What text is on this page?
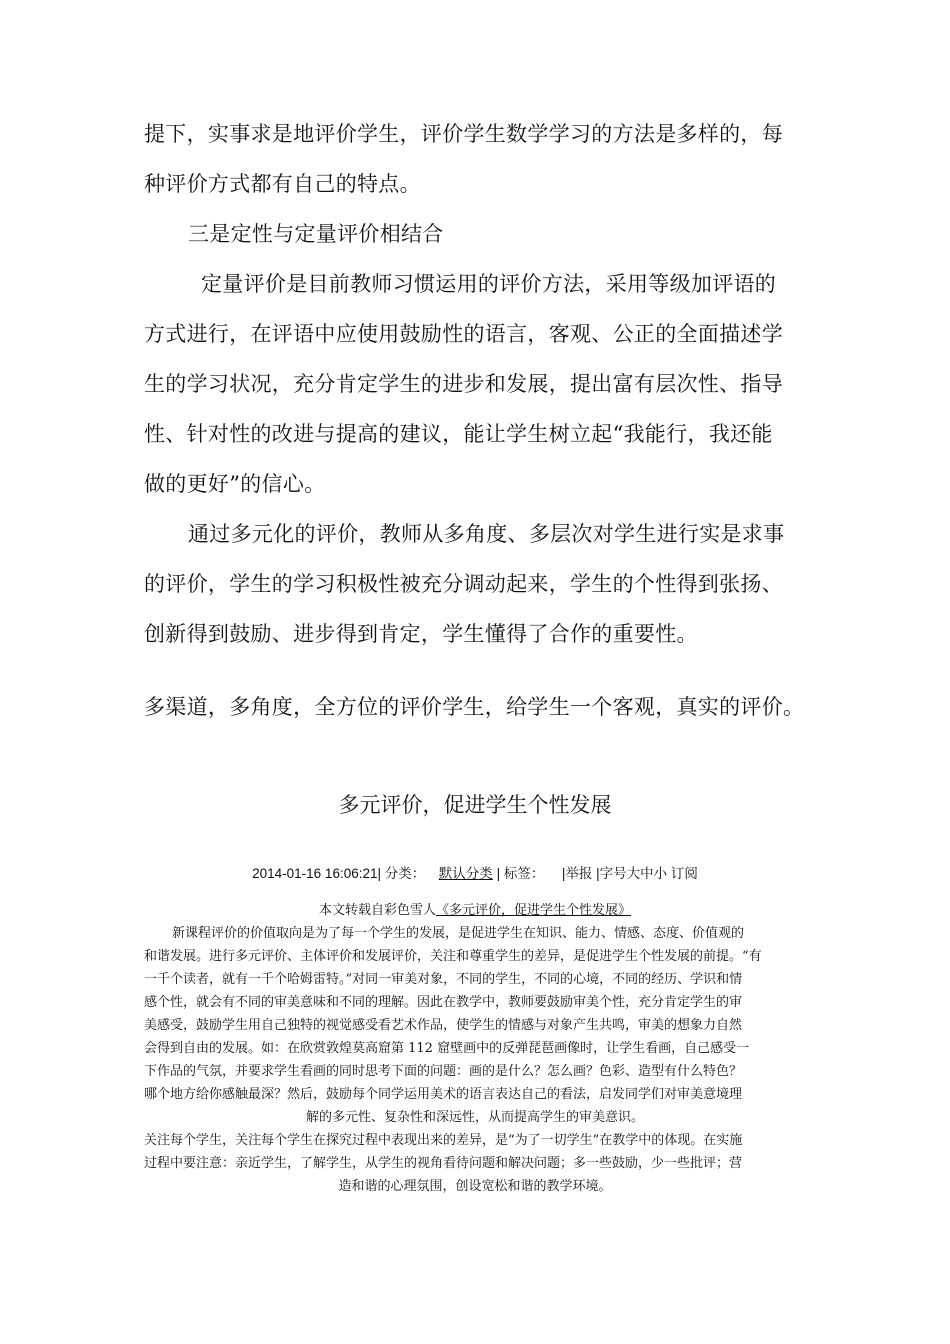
提下，实事求是地评价学生，评价学生数学学习的方法是多样的，每
种评价方式都有自己的特点。
三是定性与定量评价相结合
定量评价是目前教师习惯运用的评价方法，采用等级加评语的
方式进行，在评语中应使用鼓励性的语言，客观、公正的全面描述学
生的学习状况，充分肯定学生的进步和发展，提出富有层次性、指导
性、针对性的改进与提高的建议，能让学生树立起“我能行，我还能
做的更好”的信心。
通过多元化的评价，教师从多角度、多层次对学生进行实是求事
的评价，学生的学习积极性被充分调动起来，学生的个性得到张扬、
创新得到鼓励、进步得到肯定，学生懂得了合作的重要性。
多渠道，多角度，全方位的评价学生，给学生一个客观，真实的评价。
多元评价，促进学生个性发展
2014-01-16 16:06:21| 分类： 默认分类 | 标签： |举报 |字号大中小 订阅
本文转载自彩色雪人《多元评价，促进学生个性发展》
新课程评价的价值取向是为了每一个学生的发展，是促进学生在知识、能力、情感、态度、价值观的
和谐发展。进行多元评价、主体评价和发展评价，关注和尊重学生的差异，是促进学生个性发展的前提。“有
一千个读者，就有一千个哈姆雷特。”对同一审美对象，不同的学生，不同的心境，不同的经历、学识和情
感个性，就会有不同的审美意味和不同的理解。因此在教学中，教师要鼓励审美个性，充分肯定学生的审
美感受，鼓励学生用自己独特的视觉感受看艺术作品，使学生的情感与对象产生共鸣，审美的想象力自然
会得到自由的发展。如：在欣赏敦煌莫高窟第 112 窟壁画中的反弹琵琶画像时，让学生看画，自己感受一
下作品的气氛，并要求学生看画的同时思考下面的问题：画的是什么？怎么画？色彩、造型有什么特色？
哪个地方给你感触最深？然后，鼓励每个同学运用美术的语言表达自己的看法，启发同学们对审美意境理
解的多元性、复杂性和深远性，从而提高学生的审美意识。
关注每个学生，关注每个学生在探究过程中表现出来的差异，是“为了一切学生”在教学中的体现。在实施
过程中要注意：亲近学生，了解学生，从学生的视角看待问题和解决问题；多一些鼓励，少一些批评；营
造和谐的心理氛围，创设宽松和谐的教学环境。
